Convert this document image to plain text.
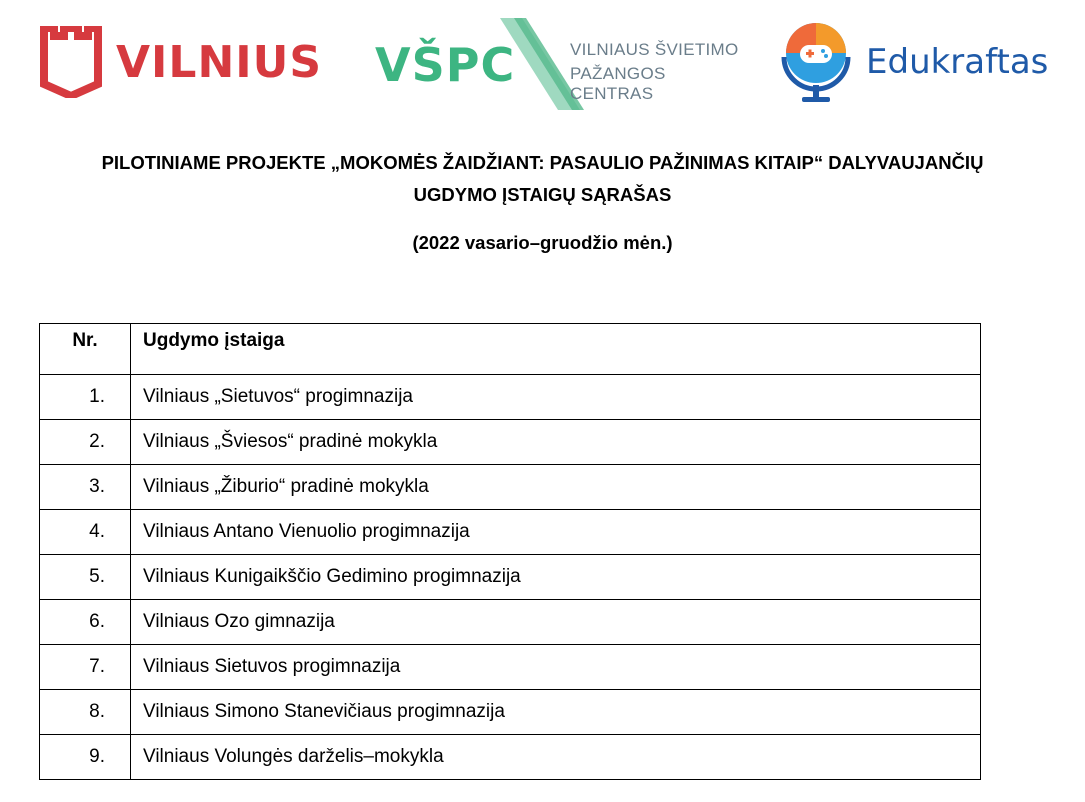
VILNIUS VŠPC	VILNIAUS ŠVIETIMO
PAŽANGOS CENTRAS
Edukraftas
PILOTINIAME PROJEKTE „MOKOMĖS ŽAIDŽIANT: PASAULIO PAŽINIMAS KITAIP“ DALYVAUJANČIŲ
UGDYMO ĮSTAIGŲ SĄRAŠAS
(2022 vasario–gruodžio mėn.)
Nr.	Ugdymo įstaiga

1.	Vilniaus „Sietuvos“ progimnazija
2.	Vilniaus „Šviesos“ pradinė mokykla
3.	Vilniaus „Žiburio“ pradinė mokykla
4.	Vilniaus Antano Vienuolio progimnazija
5.	Vilniaus Kunigaikščio Gedimino progimnazija
6.	Vilniaus Ozo gimnazija
7.	Vilniaus Sietuvos progimnazija
8.	Vilniaus Simono Stanevičiaus progimnazija
9.	Vilniaus Volungės darželis–mokykla
